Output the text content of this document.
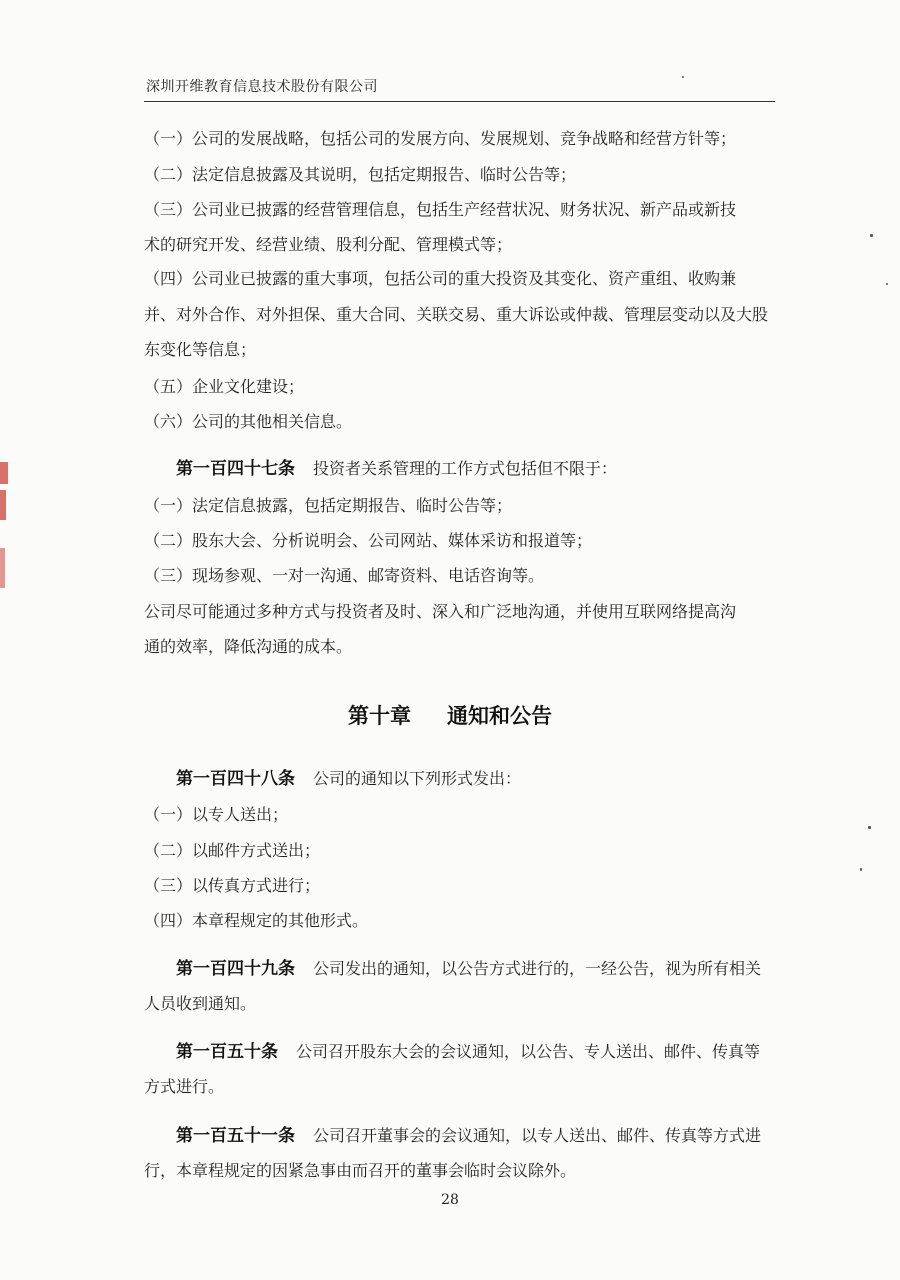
深圳开维教育信息技术股份有限公司
（一）公司的发展战略，包括公司的发展方向、发展规划、竞争战略和经营方针等；
（二）法定信息披露及其说明，包括定期报告、临时公告等；
（三）公司业已披露的经营管理信息，包括生产经营状况、财务状况、新产品或新技
术的研究开发、经营业绩、股利分配、管理模式等；
（四）公司业已披露的重大事项，包括公司的重大投资及其变化、资产重组、收购兼
并、对外合作、对外担保、重大合同、关联交易、重大诉讼或仲裁、管理层变动以及大股
东变化等信息；
（五）企业文化建设；
（六）公司的其他相关信息。
第一百四十七条 投资者关系管理的工作方式包括但不限于：
（一）法定信息披露，包括定期报告、临时公告等；
（二）股东大会、分析说明会、公司网站、媒体采访和报道等；
（三）现场参观、一对一沟通、邮寄资料、电话咨询等。
公司尽可能通过多种方式与投资者及时、深入和广泛地沟通，并使用互联网络提高沟
通的效率，降低沟通的成本。
第十章 通知和公告
第一百四十八条 公司的通知以下列形式发出：
（一）以专人送出；
（二）以邮件方式送出；
（三）以传真方式进行；
（四）本章程规定的其他形式。
第一百四十九条 公司发出的通知，以公告方式进行的，一经公告，视为所有相关
人员收到通知。
第一百五十条 公司召开股东大会的会议通知，以公告、专人送出、邮件、传真等
方式进行。
第一百五十一条 公司召开董事会的会议通知，以专人送出、邮件、传真等方式进
行，本章程规定的因紧急事由而召开的董事会临时会议除外。
28
